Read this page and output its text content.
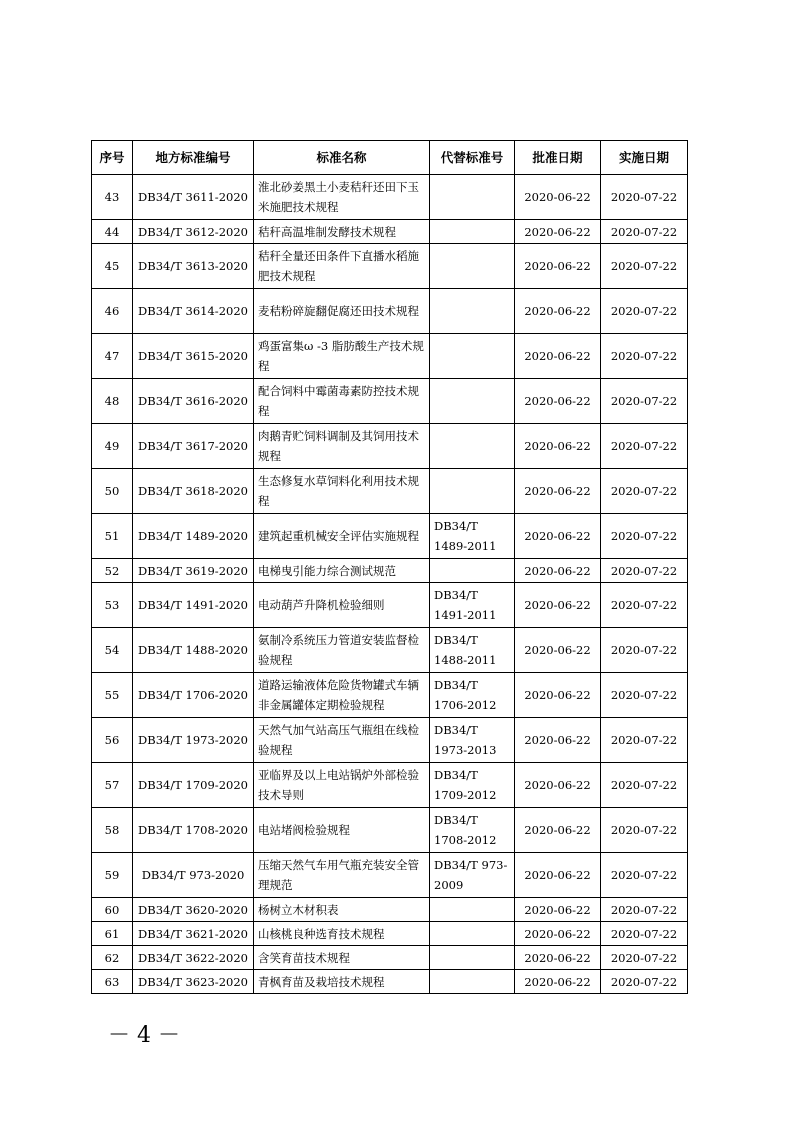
序号	地方标准编号	标准名称	代替标准号	批准日期	实施日期
43	DB34/T 3611-2020	淮北砂姜黑土小麦秸秆还田下玉米施肥技术规程		2020-06-22	2020-07-22
44	DB34/T 3612-2020	秸秆高温堆制发酵技术规程		2020-06-22	2020-07-22
45	DB34/T 3613-2020	秸秆全量还田条件下直播水稻施肥技术规程		2020-06-22	2020-07-22
46	DB34/T 3614-2020	麦秸粉碎旋翻促腐还田技术规程		2020-06-22	2020-07-22
47	DB34/T 3615-2020	鸡蛋富集ω -3 脂肪酸生产技术规程		2020-06-22	2020-07-22
48	DB34/T 3616-2020	配合饲料中霉菌毒素防控技术规程		2020-06-22	2020-07-22
49	DB34/T 3617-2020	肉鹅青贮饲料调制及其饲用技术规程		2020-06-22	2020-07-22
50	DB34/T 3618-2020	生态修复水草饲料化利用技术规程		2020-06-22	2020-07-22
51	DB34/T 1489-2020	建筑起重机械安全评估实施规程	DB34/T 1489-2011	2020-06-22	2020-07-22
52	DB34/T 3619-2020	电梯曳引能力综合测试规范		2020-06-22	2020-07-22
53	DB34/T 1491-2020	电动葫芦升降机检验细则	DB34/T 1491-2011	2020-06-22	2020-07-22
54	DB34/T 1488-2020	氨制冷系统压力管道安装监督检验规程	DB34/T 1488-2011	2020-06-22	2020-07-22
55	DB34/T 1706-2020	道路运输液体危险货物罐式车辆非金属罐体定期检验规程	DB34/T 1706-2012	2020-06-22	2020-07-22
56	DB34/T 1973-2020	天然气加气站高压气瓶组在线检验规程	DB34/T 1973-2013	2020-06-22	2020-07-22
57	DB34/T 1709-2020	亚临界及以上电站锅炉外部检验技术导则	DB34/T 1709-2012	2020-06-22	2020-07-22
58	DB34/T 1708-2020	电站堵阀检验规程	DB34/T 1708-2012	2020-06-22	2020-07-22
59	DB34/T 973-2020	压缩天然气车用气瓶充装安全管理规范	DB34/T 973-2009	2020-06-22	2020-07-22
60	DB34/T 3620-2020	杨树立木材积表		2020-06-22	2020-07-22
61	DB34/T 3621-2020	山核桃良种选育技术规程		2020-06-22	2020-07-22
62	DB34/T 3622-2020	含笑育苗技术规程		2020-06-22	2020-07-22
63	DB34/T 3623-2020	青枫育苗及栽培技术规程		2020-06-22	2020-07-22
－ 4 －
